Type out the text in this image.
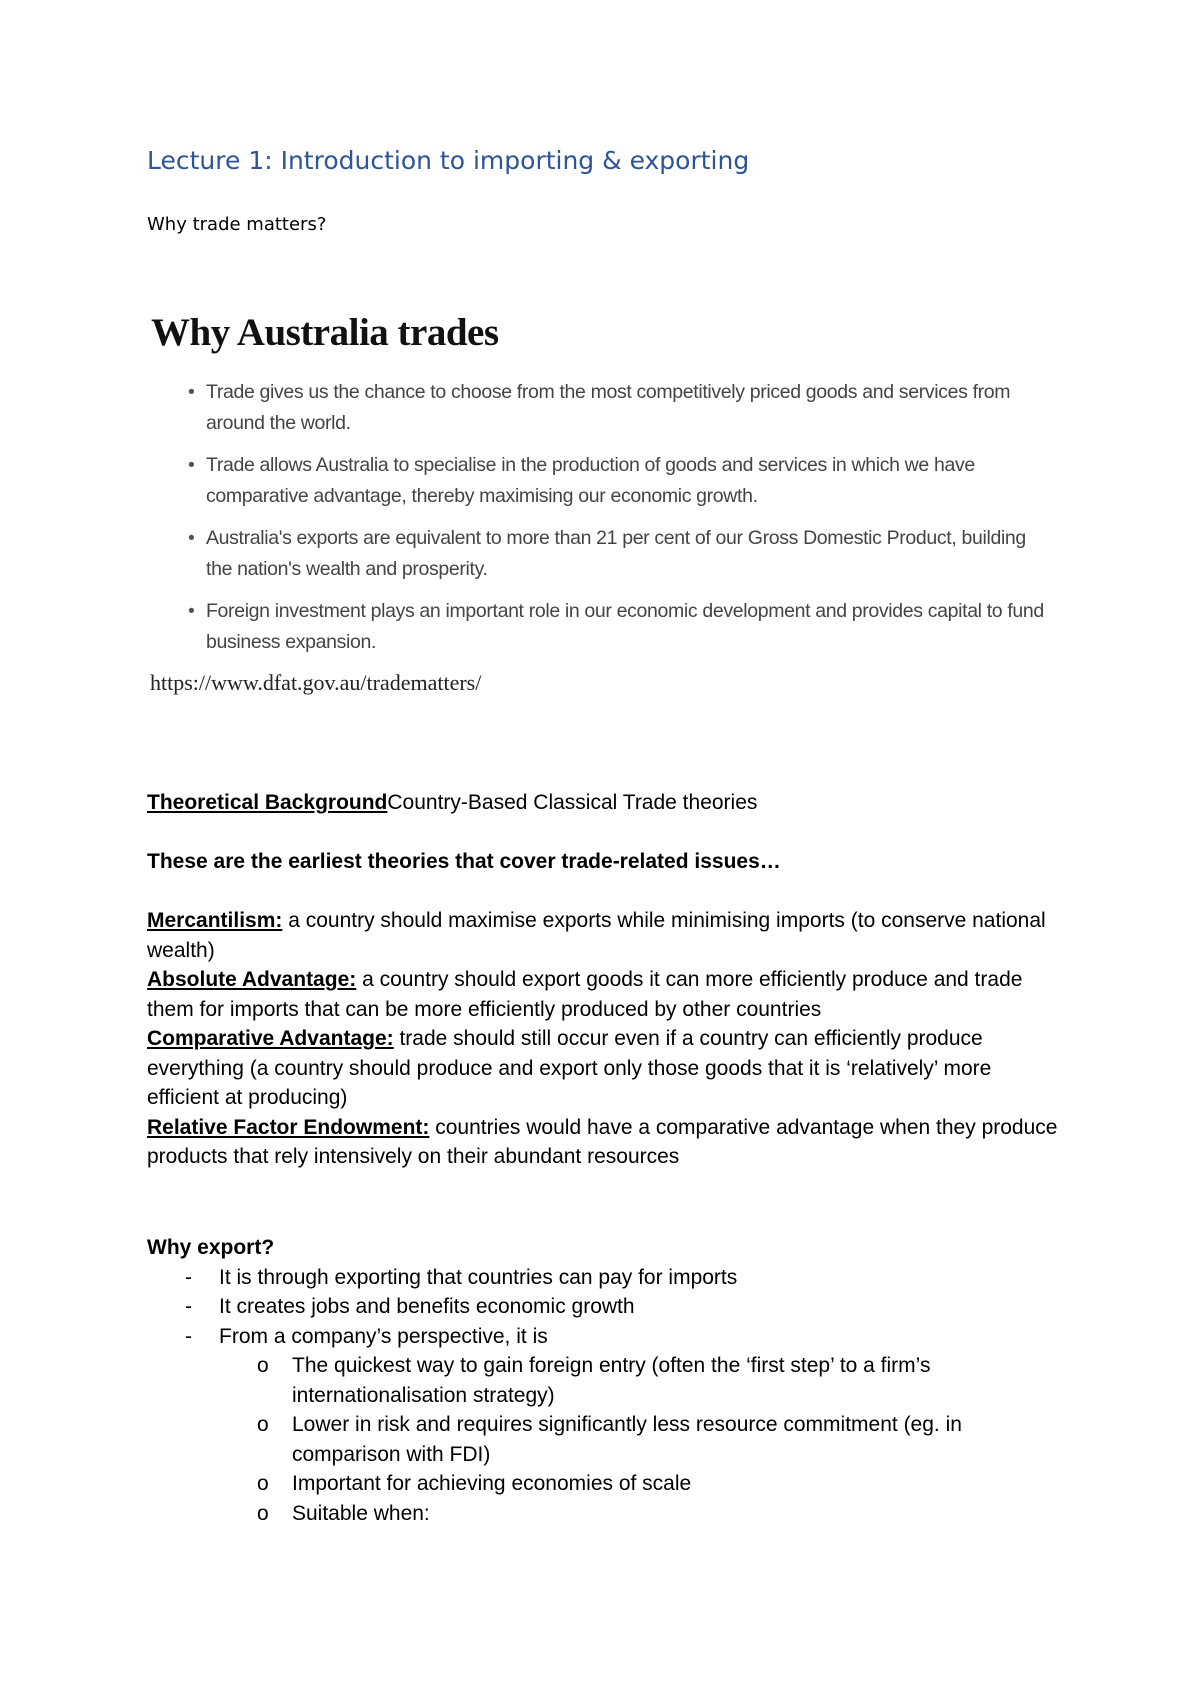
Lecture 1: Introduction to importing & exporting

Why trade matters?

Why Australia trades
• Trade gives us the chance to choose from the most competitively priced goods and services from around the world.
• Trade allows Australia to specialise in the production of goods and services in which we have comparative advantage, thereby maximising our economic growth.
• Australia's exports are equivalent to more than 21 per cent of our Gross Domestic Product, building the nation's wealth and prosperity.
• Foreign investment plays an important role in our economic development and provides capital to fund business expansion.

https://www.dfat.gov.au/tradematters/

Theoretical BackgroundCountry-Based Classical Trade theories

These are the earliest theories that cover trade-related issues…

Mercantilism: a country should maximise exports while minimising imports (to conserve national wealth)
Absolute Advantage: a country should export goods it can more efficiently produce and trade them for imports that can be more efficiently produced by other countries
Comparative Advantage: trade should still occur even if a country can efficiently produce everything (a country should produce and export only those goods that it is ‘relatively’ more efficient at producing)
Relative Factor Endowment: countries would have a comparative advantage when they produce products that rely intensively on their abundant resources
Why export?
- It is through exporting that countries can pay for imports
- It creates jobs and benefits economic growth
- From a company’s perspective, it is
o The quickest way to gain foreign entry (often the ‘first step’ to a firm’s internationalisation strategy)
o Lower in risk and requires significantly less resource commitment (eg. in comparison with FDI)
o Important for achieving economies of scale
o Suitable when:
